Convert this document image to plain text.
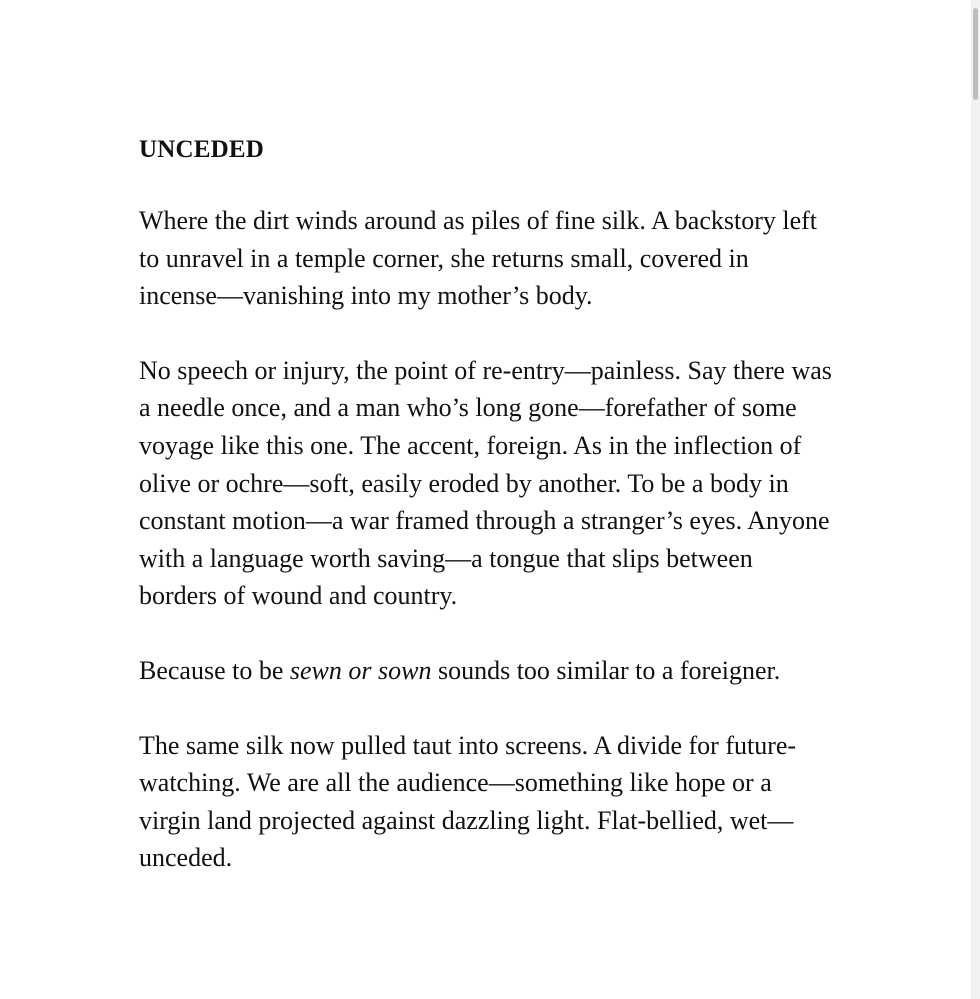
UNCEDED

Where the dirt winds around as piles of fine silk. A backstory left
to unravel in a temple corner, she returns small, covered in
incense—vanishing into my mother’s body.

No speech or injury, the point of re-entry—painless. Say there was
a needle once, and a man who’s long gone—forefather of some
voyage like this one. The accent, foreign. As in the inflection of
olive or ochre—soft, easily eroded by another. To be a body in
constant motion—a war framed through a stranger’s eyes. Anyone
with a language worth saving—a tongue that slips between
borders of wound and country.

Because to be sewn or sown sounds too similar to a foreigner.

The same silk now pulled taut into screens. A divide for future-
watching. We are all the audience—something like hope or a
virgin land projected against dazzling light. Flat-bellied, wet—
unceded.
